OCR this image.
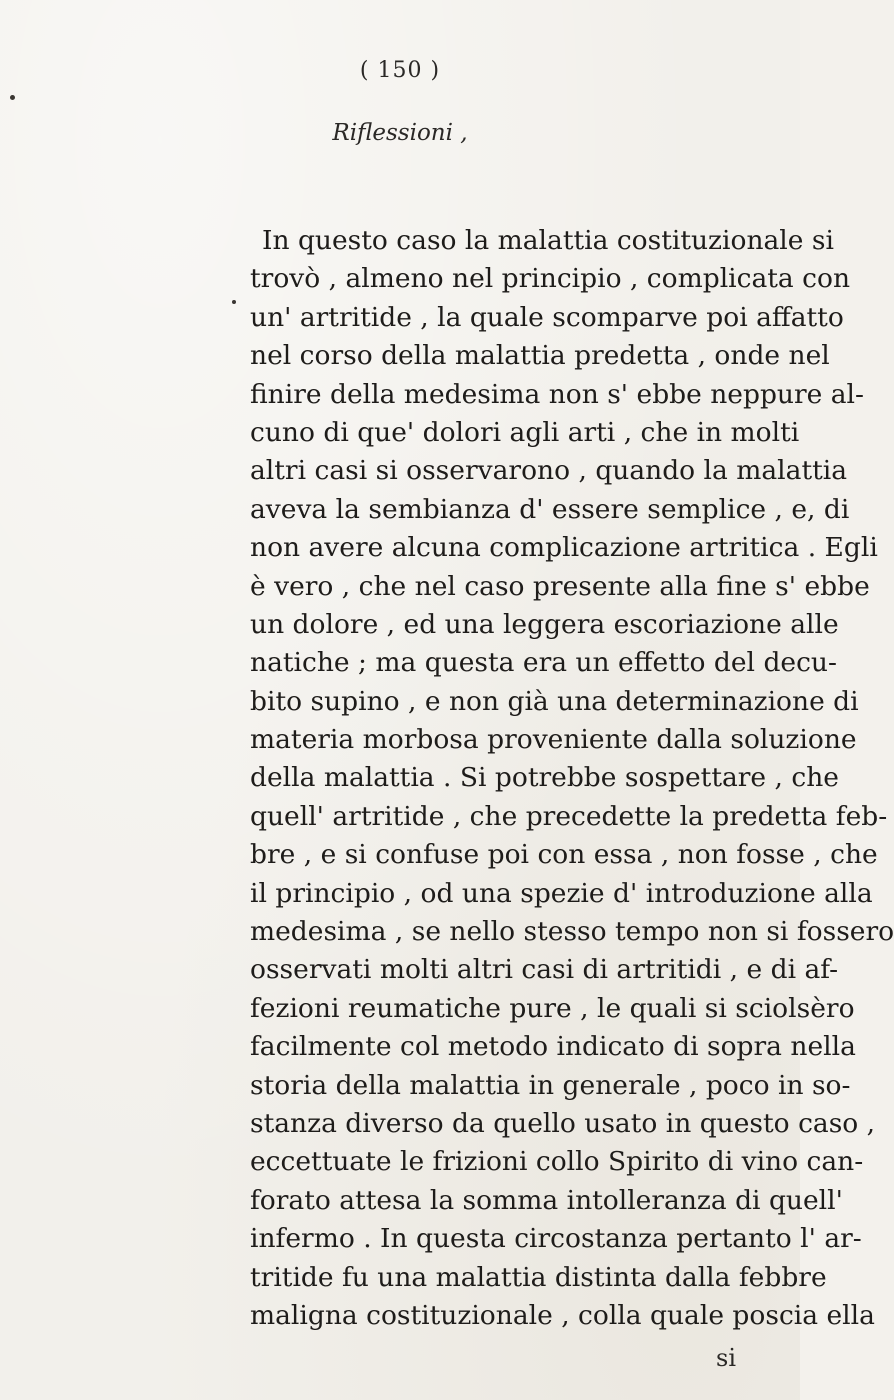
( 150 )
Riflessioni ,
In questo caso la malattia costituzionale si
trovò , almeno nel principio , complicata con
un' artritide , la quale scomparve poi affatto
nel corso della malattia predetta , onde nel
finire della medesima non s' ebbe neppure al-
cuno di que' dolori agli arti , che in molti
altri casi si osservarono , quando la malattia
aveva la sembianza d' essere semplice , e, di
non avere alcuna complicazione artritica . Egli
è vero , che nel caso presente alla fine s' ebbe
un dolore , ed una leggera escoriazione alle
natiche ; ma questa era un effetto del decu-
bito supino , e non già una determinazione di
materia morbosa proveniente dalla soluzione
della malattia . Si potrebbe sospettare , che
quell' artritide , che precedette la predetta feb-
bre , e si confuse poi con essa , non fosse , che
il principio , od una spezie d' introduzione alla
medesima , se nello stesso tempo non si fossero
osservati molti altri casi di artritidi , e di af-
fezioni reumatiche pure , le quali si sciolsèro
facilmente col metodo indicato di sopra nella
storia della malattia in generale , poco in so-
stanza diverso da quello usato in questo caso ,
eccettuate le frizioni collo Spirito di vino can-
forato attesa la somma intolleranza di quell'
infermo . In questa circostanza pertanto l' ar-
tritide fu una malattia distinta dalla febbre
maligna costituzionale , colla quale poscia ella
si
